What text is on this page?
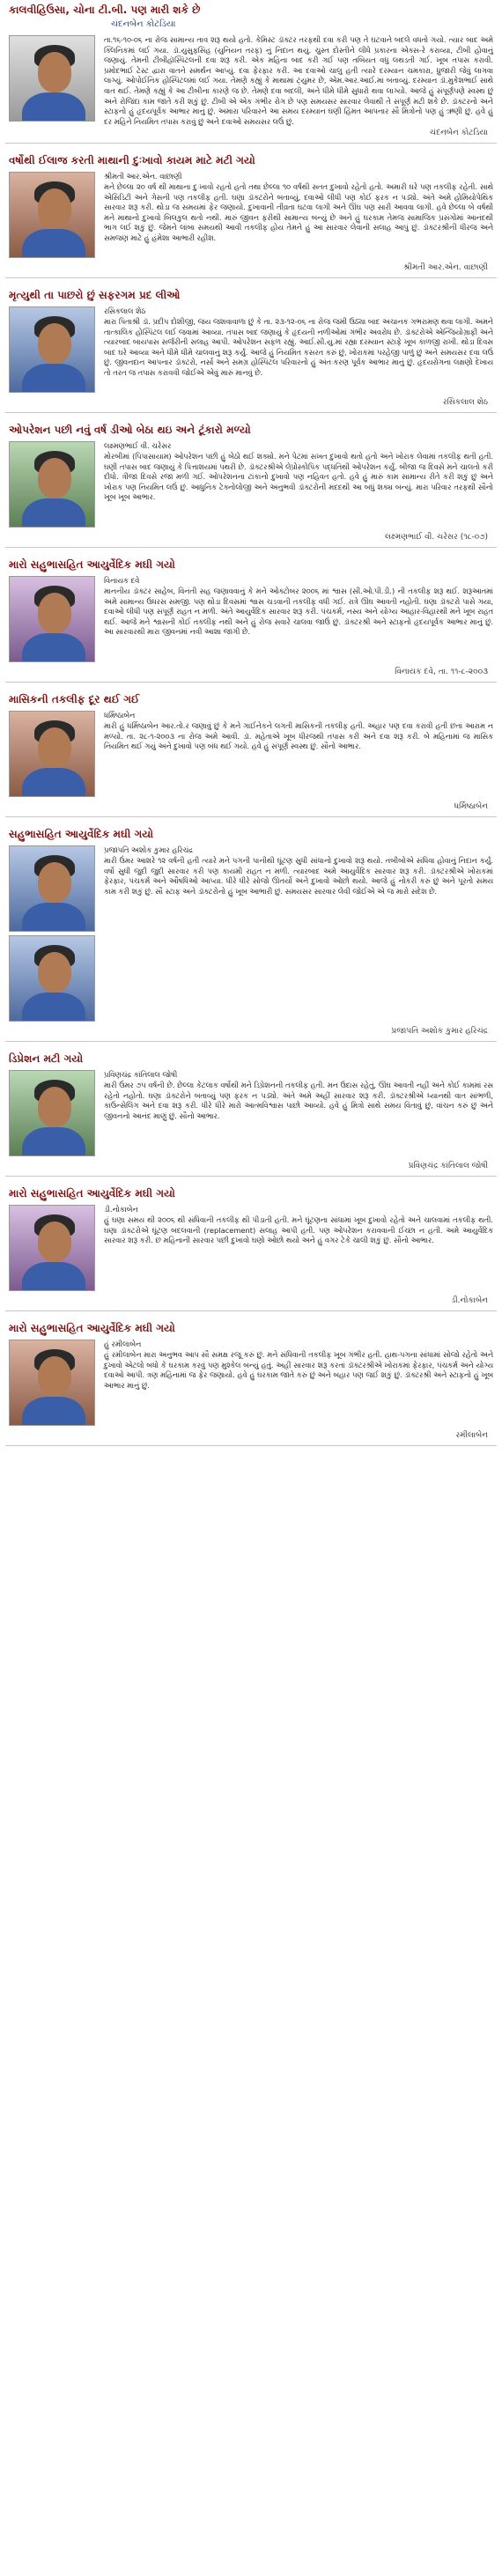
કાલવીહિઉસા, ચોના ટી.બી. પણ મારી શકે છે
ચંદનબેન કોટડિયા
તા.૧૬-૧૦-૦૬ ના રોજ સામાન્ય તાવ શરૂ થયો હતો. કેમિસ્ટ ડૉક્ટર તરફથી દવા કરી પણ તે ઘટવાને બદલે વધતો ગયો. ત્યાર બાદ અમે ક્લિનિકમાં લઈ ગયા. ડૉ.યુસુફસિંહ (યુનિયન તરફ) નું નિદાન થયું. ચુસ્ત દોસ્તીને લીધે પ્રકારના એક્સ-રે કરાવ્યા, ટીબી હોવાનું જણાયું. તેમની ટીબીહૉસ્પિટલની દવા શરૂ કરી. એક મહિના બાદ કરી ગઈ પણ તબિયત વધુ લથડતી ગઈ. ખૂબ તપાસ કરાવી. પ્રમોદભાઈ ટેસ્ટ દ્વારા વાતને સમર્થન આપ્યું. દવા ફેરફાર કરી. આ દવાઓ ચાલુ હતી ત્યારે દરમ્યાન ચમકારા, ધ્રુજારી જેવું લાગવા લાગ્યું. ઓપોઈનિક હોસ્પિટલમાં લઈ ગયા. તેમણે કહ્યું કે માથામાં ટ્યુમર છે, એમ.આર.આઈ.માં બતાવ્યું. દરમ્યાન ડૉ.મુકેશભાઈ સાથે વાત થઈ. તેમણે કહ્યું કે આ ટીબીના કારણે જ છે. તેમણે દવા બદલી, અને ધીમે ધીમે સુધારો થવા લાગ્યો. આજે હું સંપૂર્ણપણે સ્વસ્થ છું અને રોજિંદા કામ જાતે કરી શકું છું. ટીબી એ એક ગંભીર રોગ છે પણ સમયસર સારવાર લેવાથી તે સંપૂર્ણ મટી શકે છે. ડૉક્ટરનો અને સ્ટાફનો હું હૃદયપૂર્વક આભાર માનું છું. અમારા પરિવારને આ સમય દરમ્યાન ઘણી હિંમત આપનાર સૌ મિત્રોનો પણ હું ઋણી છું. હવે હું દર મહિને નિયમિત તપાસ કરાવું છું અને દવાઓ સમયસર લઉં છું.
ચંદનબેન કોટડિયા
વર્ષોથી ઈલાજ કરતી માથાની દુઃખાવો કાયમ માટે મટી ગયો
શ્રીમતી આર.એન. વાછાણી
મને છેલ્લા ૨૦ વર્ષ થી માથાના દુઃખાવો રહતો હતો તથા છેલ્લા ૧૦ વર્ષથી સતત દુખાવો રહેતો હતો. અમારી ઘરે પણ તકલીફ રહેતી. સાથે એસિડિટી અને ગેસની પણ તકલીફ હતી. ઘણા ડૉક્ટરોને બતાવ્યું, દવાઓ લીધી પણ કોઈ ફરક ન પડ્યો. અંતે અમે હોમિયોપેથિક સારવાર શરૂ કરી. થોડા જ સમયમાં ફેર જણાયો. દુખાવાની તીવ્રતા ઘટવા લાગી અને ઊંઘ પણ સારી આવવા લાગી. હવે છેલ્લા બે વર્ષથી મને માથાનો દુખાવો બિલકુલ થતો નથી. મારું જીવન ફરીથી સામાન્ય બન્યું છે અને હું ઘરકામ તેમજ સામાજિક પ્રસંગોમાં આનંદથી ભાગ લઈ શકું છું. જેમને લાંબા સમયથી આવી તકલીફ હોય તેમને હું આ સારવાર લેવાની સલાહ આપું છું. ડૉક્ટરશ્રીની ધીરજ અને સમજણ માટે હું હંમેશા આભારી રહીશ.
શ્રીમતી આર.એન. વાછાણી
મૃત્યુથી તા પાછરો છું સફરગમ પ્રદ લીઓ
રસિકલાલ શેઠ
મારા પિતાશ્રી ડૉ. પ્રદીપ દોશીજી, જય જશવાવાળા છું કે તા. ૨૩-૧૨-૦૬ ના રોજ જમી ઉઠ્યા બાદ અચાનક ગભરામણ થવા લાગી. અમને તાત્કાલિક હોસ્પિટલ લઈ જવામાં આવ્યા. તપાસ બાદ જણાયું કે હૃદયની નળીઓમાં ગંભીર અવરોધ છે. ડૉક્ટરોએ એન્જિયોગ્રાફી અને ત્યારબાદ બાયપાસ સર્જરીની સલાહ આપી. ઓપરેશન સફળ રહ્યું. આઈ.સી.યુ.માં રહ્યા દરમ્યાન સ્ટાફે ખૂબ કાળજી રાખી. થોડા દિવસ બાદ ઘરે આવ્યા અને ધીમે ધીમે ચાલવાનું શરૂ કર્યું. આજે હું નિયમિત કસરત કરું છું, ખોરાકમાં પરહેજી પાળું છું અને સમયસર દવા લઉં છું. જીવનદાન આપનાર ડૉક્ટરો, નર્સો અને સમગ્ર હોસ્પિટલ પરિવારનો હું અંતઃકરણ પૂર્વક આભાર માનું છું. હૃદયરોગના લક્ષણો દેખાય તો તરત જ તપાસ કરાવવી જોઈએ એવું મારું માનવું છે.
રસિકલાલ શેઠ
ઓપરેશન પછી નવું વર્ષ ડીઓ બેઠા થઇ અને ટૂંકારો મળ્યો
લક્ષ્મણભાઈ વી. ચરેસર
મોરબીમાં (પિપાસાયામ) ઓપરેશન પછી હું બેઠો થઈ શક્યો. મને પેટમાં સખત દુખાવો થતો હતો અને ખોરાક લેવામાં તકલીફ થતી હતી. ઘણી તપાસ બાદ જણાયું કે પિત્તાશયમાં પથરી છે. ડૉક્ટરશ્રીએ લેપ્રોસ્કોપિક પદ્ધતિથી ઓપરેશન કર્યું. બીજા જ દિવસે મને ચાલતો કરી દીધો. ત્રીજા દિવસે રજા મળી ગઈ. ઓપરેશનના ટાંકાનો દુખાવો પણ નહિવત હતો. હવે હું મારું કામ સામાન્ય રીતે કરી શકું છું અને ખોરાક પણ નિયમિત લઉં છું. આધુનિક ટેક્નોલોજી અને અનુભવી ડૉક્ટરોની મદદથી આ બધું શક્ય બન્યું. મારા પરિવાર તરફથી સૌનો ખૂબ ખૂબ આભાર.
લક્ષ્મણભાઈ વી. ચરેસર (૧૮-૦૭)
મારો સહુભાસહિત આયુર્વેદિક મઘી ગયો
વિનાયક દવે
માનનીય ડૉક્ટર સાહેબ, વિનંતી સહ જણાવવાનું કે મને ઓક્ટોબર ૨૦૦૬ માં શ્વાસ (સી.ઓ.પી.ડી.) ની તકલીફ શરૂ થઈ. શરૂઆતમાં અમે સામાન્ય ઉધરસ સમજી. પણ થોડા દિવસમાં શ્વાસ ચડવાની તકલીફ વધી ગઈ. રાત્રે ઊંઘ આવતી નહોતી. ઘણા ડૉક્ટરો પાસે ગયા, દવાઓ લીધી પણ સંપૂર્ણ રાહત ન મળી. અંતે આયુર્વેદિક સારવાર શરૂ કરી. પંચકર્મ, નસ્ય અને યોગ્ય આહાર-વિહારથી મને ખૂબ રાહત થઈ. આજે મને શ્વાસની કોઈ તકલીફ નથી અને હું રોજ સવારે ચાલવા જાઉં છું. ડૉક્ટરશ્રી અને સ્ટાફનો હૃદયપૂર્વક આભાર માનું છું. આ સારવારથી મારા જીવનમાં નવી આશા જાગી છે.
વિનાયક દવે, તા. ૧૧-૮-૨૦૦૩
માસિકની તકલીફ દૂર થઈ ગઈ
ધર્મિષ્ઠાબેન
મારી હું ધર્મિષ્ઠાબેન આર.તો.ર જણાવું છું કે મને ગાઈનેકને લગતી માસિકની તકલીફ હતી. અહાર પણ દવા કરાવી હતી છતાં આરામ ન મળ્યો. તા. ૨૮-૧-૨૦૦૩ ના રોજ અમે આવી. ડૉ. મહેતાએ ખૂબ ધીરજથી તપાસ કરી અને દવા શરૂ કરી. બે મહિનામાં જ માસિક નિયમિત થઈ ગયું અને દુખાવો પણ બંધ થઈ ગયો. હવે હું સંપૂર્ણ સ્વસ્થ છું. સૌનો આભાર.
ધર્મિષ્ઠાબેન
સહુભાસહિત આયુર્વેદિક મઘી ગયો
પ્રજાપતિ અશોક કુમાર હરિચંદ્ર
મારી ઉંમર આશરે ૧૨ વર્ષની હતી ત્યારે મને પગની પાનીથી ઘૂંટણ સુધી સાંધાનો દુખાવો શરૂ થયો. તબીબોએ સંધિવા હોવાનું નિદાન કર્યું. વર્ષો સુધી જુદી જુદી સારવાર કરી પણ કાયમી રાહત ન મળી. ત્યારબાદ અમે આયુર્વેદિક સારવાર શરૂ કરી. ડૉક્ટરશ્રીએ ખોરાકમાં ફેરફાર, પંચકર્મ અને ઔષધિઓ આપ્યા. ધીરે ધીરે સોજો ઊતર્યો અને દુખાવો ઓછો થયો. આજે હું નોકરી કરું છું અને પૂરતો સમય કામ કરી શકું છું. સૌ સ્ટાફ અને ડૉક્ટરોનો હું ખૂબ આભારી છું. સમયસર સારવાર લેવી જોઈએ એ જ મારો સંદેશ છે.
પ્રજાપતિ અશોક કુમાર હરિચંદ્ર
ડિપ્રેશન મટી ગયો
પ્રવિણચંદ્ર કાંતિલાલ જોષી
મારી ઉંમર ૭૫ વર્ષની છે. છેલ્લા કેટલાક વર્ષોથી મને ડિપ્રેશનની તકલીફ હતી. મન ઉદાસ રહેતું, ઊંઘ આવતી નહીં અને કોઈ કામમાં રસ રહેતો નહોતો. ઘણા ડૉક્ટરોને બતાવ્યું પણ ફરક ન પડ્યો. અંતે અમે અહીં સારવાર શરૂ કરી. ડૉક્ટરશ્રીએ ધ્યાનથી વાત સાંભળી, કાઉન્સેલિંગ અને દવા શરૂ કરી. ધીરે ધીરે મારો આત્મવિશ્વાસ પાછો આવ્યો. હવે હું મિત્રો સાથે સમય વિતાવું છું, વાંચન કરું છું અને જીવનનો આનંદ માણું છું. સૌનો આભાર.
પ્રવિણચંદ્ર કાંતિલાલ જોષી
મારો સહુભાસહિત આયુર્વેદિક મઘી ગયો
ડી.નોકાબેન
હું ઘણા સમય થી ૨૦૦૬ થી સંધિવાની તકલીફ થી પીડાતી હતી. મને ઘૂંટણના સાંધામાં ખૂબ દુખાવો રહેતો અને ચાલવામાં તકલીફ થતી. ઘણા ડૉક્ટરોએ ઘૂંટણ બદલવાની (replacement) સલાહ આપી હતી. પણ ઓપરેશન કરાવવાની ઈચ્છા ન હતી. અમે આયુર્વેદિક સારવાર શરૂ કરી. છ મહિનાની સારવાર પછી દુખાવો ઘણો ઓછો થયો અને હું વગર ટેકે ચાલી શકું છું. સૌનો આભાર.
ડી.નોકાબેન
મારો સહુભાસહિત આયુર્વેદિક મઘી ગયો
હું રમીલાબેન
હું રમીલાબેન મારા અનુભવ આપ સૌ સમક્ષ રજૂ કરું છું. મને સંધિવાની તકલીફ ખૂબ ગંભીર હતી. હાથ-પગના સાંધામાં સોજો રહેતો અને દુખાવો એટલો બધો કે ઘરકામ કરવું પણ મુશ્કેલ બન્યું હતું. અહીં સારવાર શરૂ કરતાં ડૉક્ટરશ્રીએ ખોરાકમાં ફેરફાર, પંચકર્મ અને યોગ્ય દવાઓ આપી. ત્રણ મહિનામાં જ ફેર જણાયો. હવે હું ઘરકામ જાતે કરું છું અને બહાર પણ જઈ શકું છું. ડૉક્ટરશ્રી અને સ્ટાફનો હું ખૂબ આભાર માનું છું.
રમીલાબેન
